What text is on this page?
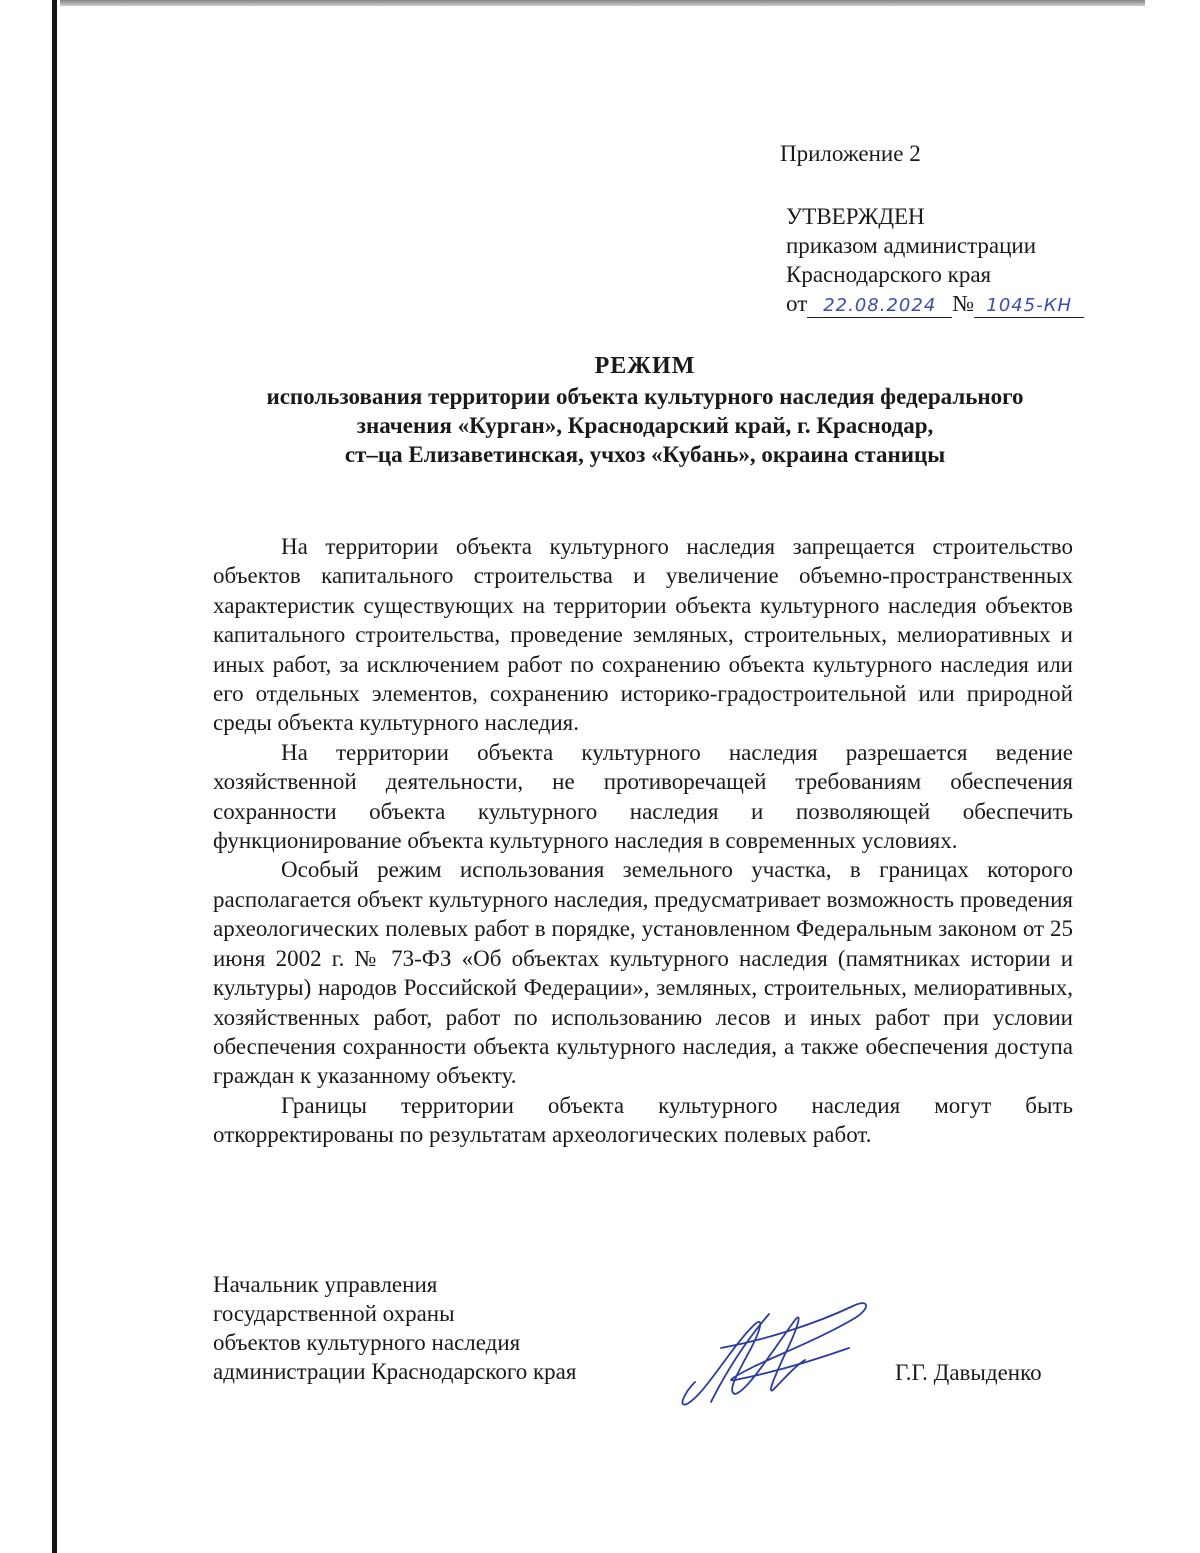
Приложение 2
УТВЕРЖДЕН
приказом администрации
Краснодарского края
от 22.08.2024 № 1045-КН
РЕЖИМ
использования территории объекта культурного наследия федерального
значения «Курган», Краснодарский край, г. Краснодар,
ст–ца Елизаветинская, учхоз «Кубань», окраина станицы

На территории объекта культурного наследия запрещается строительство объектов капитального строительства и увеличение объемно-пространственных характеристик существующих на территории объекта культурного наследия объектов капитального строительства, проведение земляных, строительных, мелиоративных и иных работ, за исключением работ по сохранению объекта культурного наследия или его отдельных элементов, сохранению историко-градостроительной или природной среды объекта культурного наследия.

На территории объекта культурного наследия разрешается ведение хозяйственной деятельности, не противоречащей требованиям обеспечения сохранности объекта культурного наследия и позволяющей обеспечить функционирование объекта культурного наследия в современных условиях.

Особый режим использования земельного участка, в границах которого располагается объект культурного наследия, предусматривает возможность проведения археологических полевых работ в порядке, установленном Федеральным законом от 25 июня 2002 г. № 73-ФЗ «Об объектах культурного наследия (памятниках истории и культуры) народов Российской Федерации», земляных, строительных, мелиоративных, хозяйственных работ, работ по использованию лесов и иных работ при условии обеспечения сохранности объекта культурного наследия, а также обеспечения доступа граждан к указанному объекту.

Границы территории объекта культурного наследия могут быть откорректированы по результатам археологических полевых работ.

Начальник управления
государственной охраны
объектов культурного наследия
администрации Краснодарского края	Г.Г. Давыденко
